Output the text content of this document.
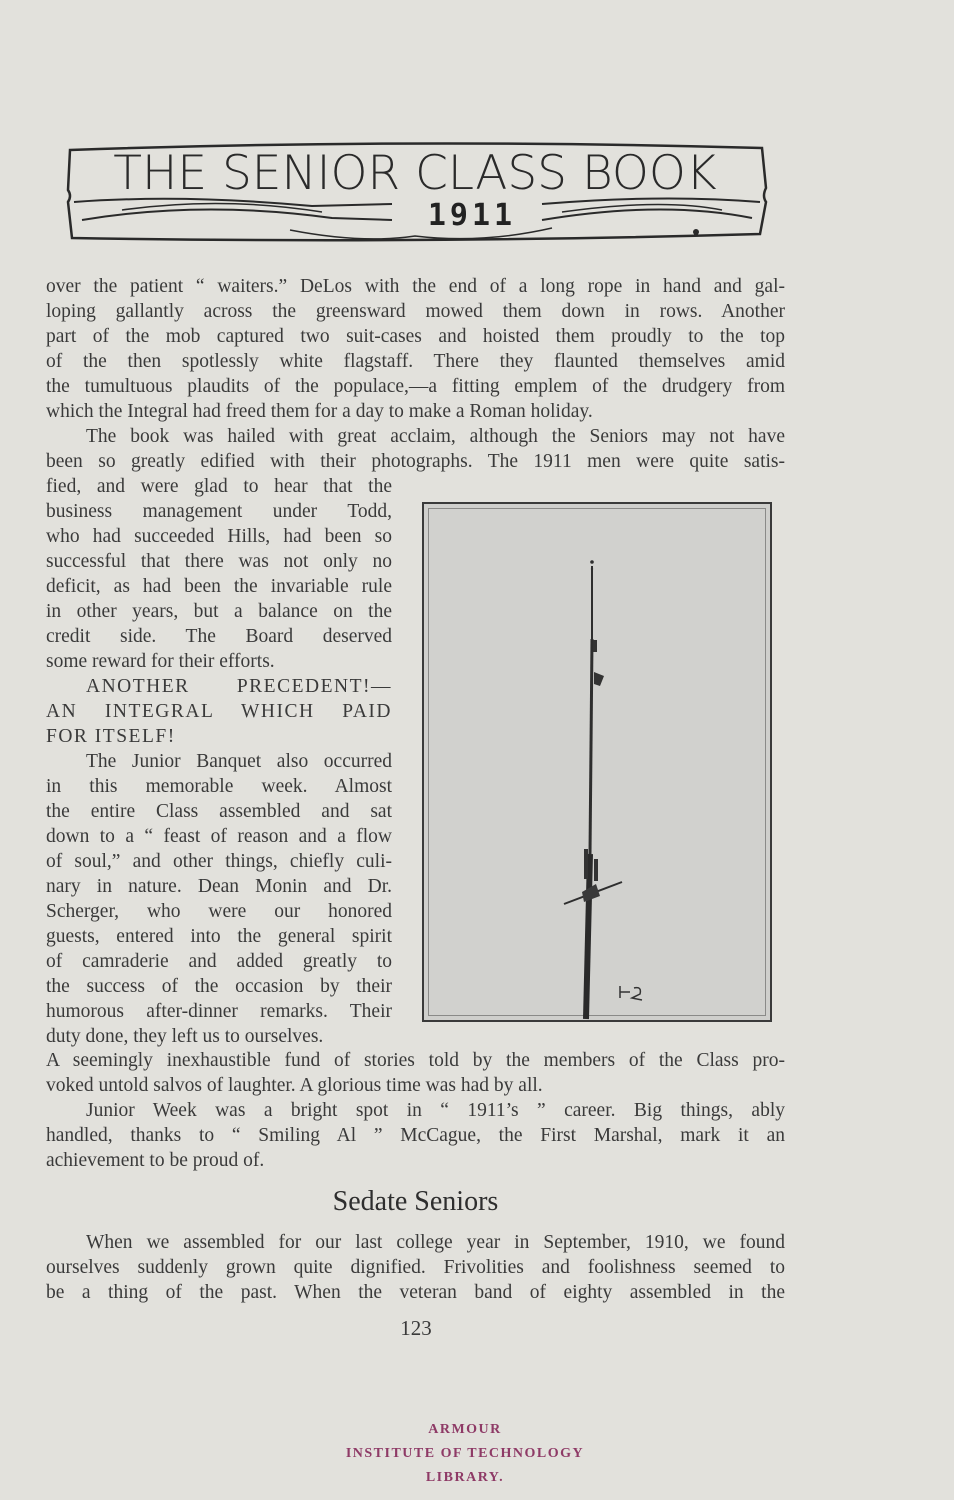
THE SENIOR CLASS BOOK
1911
over the patient “ waiters.” DeLos with the end of a long rope in hand and gal-
loping gallantly across the greensward mowed them down in rows. Another
part of the mob captured two suit-cases and hoisted them proudly to the top
of the then spotlessly white flagstaff. There they flaunted themselves amid
the tumultuous plaudits of the populace,—a fitting emplem of the drudgery from
which the Integral had freed them for a day to make a Roman holiday.
The book was hailed with great acclaim, although the Seniors may not have
been so greatly edified with their photographs. The 1911 men were quite satis-
fied, and were glad to hear that the
business management under Todd,
who had succeeded Hills, had been so
successful that there was not only no
deficit, as had been the invariable rule
in other years, but a balance on the
credit side. The Board deserved
some reward for their efforts.
ANOTHER PRECEDENT!—
AN INTEGRAL WHICH PAID
FOR ITSELF!
The Junior Banquet also occurred
in this memorable week. Almost
the entire Class assembled and sat
down to a “ feast of reason and a flow
of soul,” and other things, chiefly culi-
nary in nature. Dean Monin and Dr.
Scherger, who were our honored
guests, entered into the general spirit
of camraderie and added greatly to
the success of the occasion by their
humorous after-dinner remarks. Their
duty done, they left us to ourselves.
A seemingly inexhaustible fund of stories told by the members of the Class pro-
voked untold salvos of laughter. A glorious time was had by all.
Junior Week was a bright spot in “ 1911’s ” career. Big things, ably
handled, thanks to “ Smiling Al ” McCague, the First Marshal, mark it an
achievement to be proud of.
Sedate Seniors
When we assembled for our last college year in September, 1910, we found
ourselves suddenly grown quite dignified. Frivolities and foolishness seemed to
be a thing of the past. When the veteran band of eighty assembled in the
123
ARMOUR
INSTITUTE OF TECHNOLOGY
LIBRARY.
